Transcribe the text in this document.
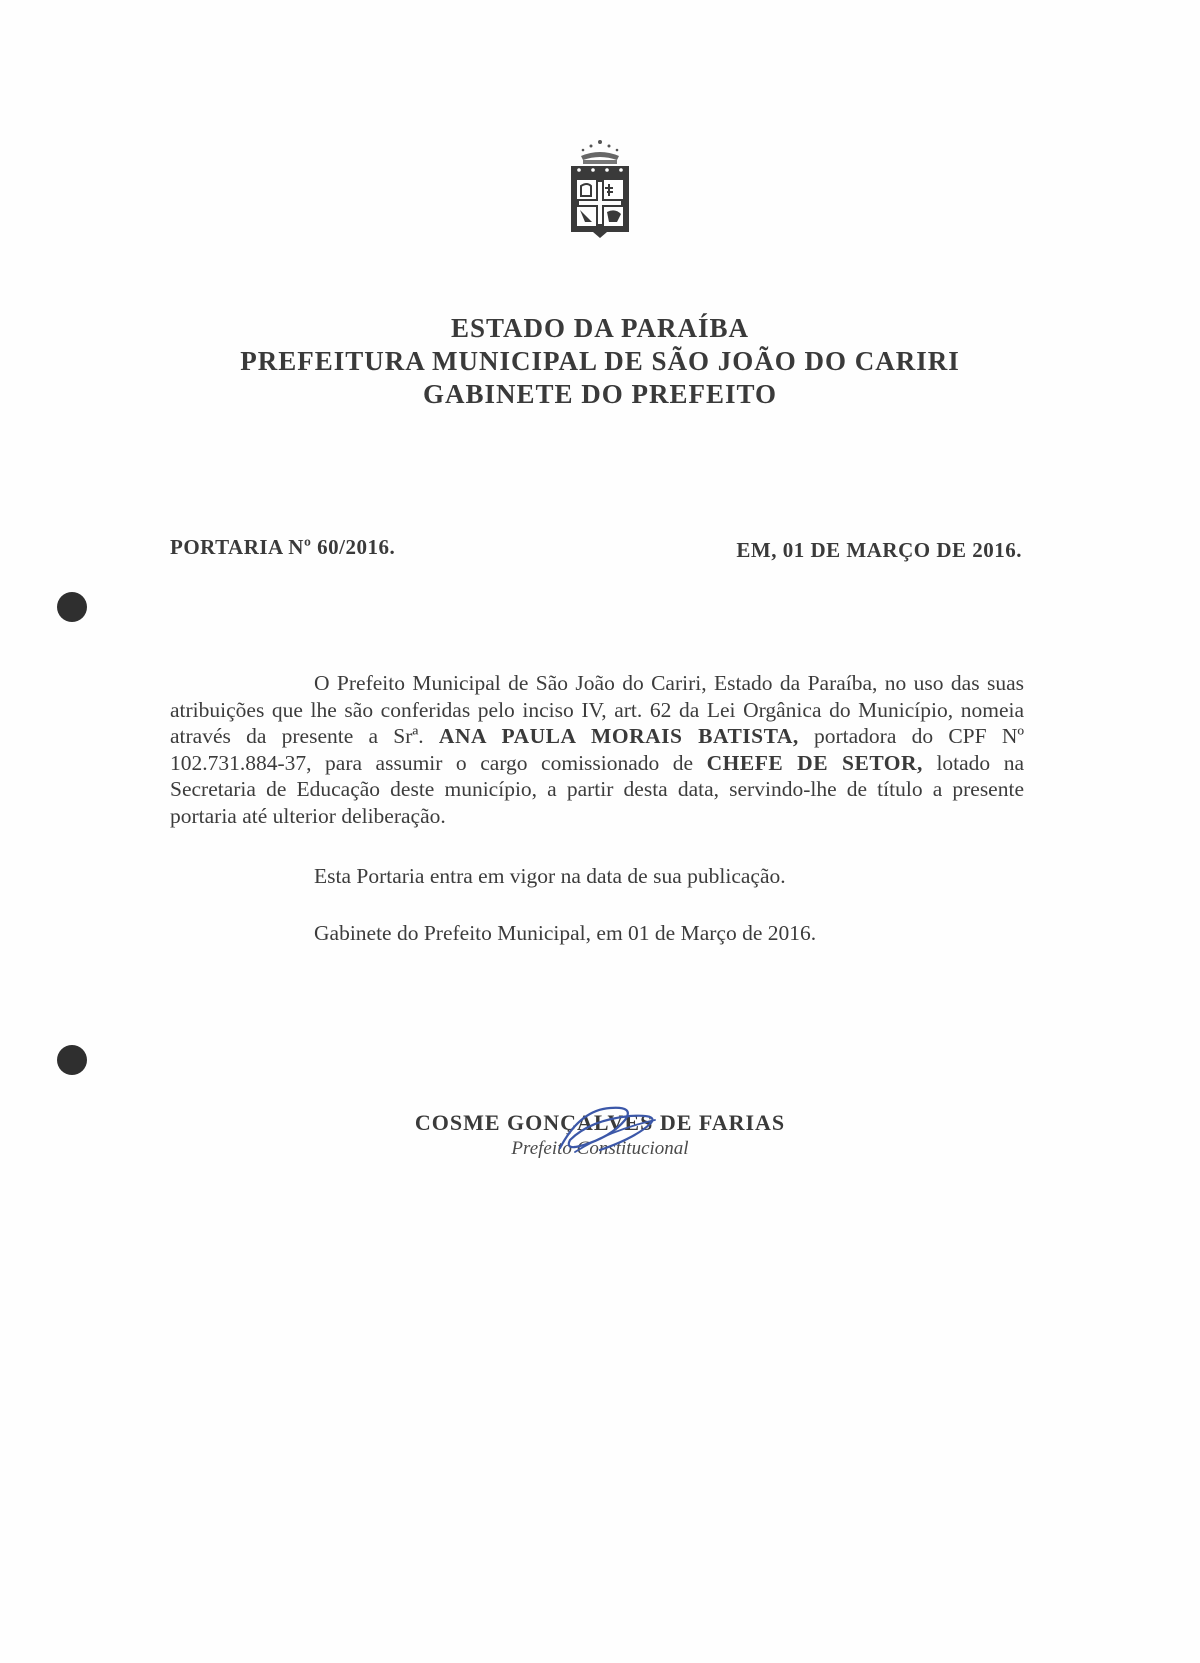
ESTADO DA PARAÍBA
PREFEITURA MUNICIPAL DE SÃO JOÃO DO CARIRI
GABINETE DO PREFEITO
PORTARIA Nº 60/2016.	EM, 01 DE MARÇO DE 2016.

O Prefeito Municipal de São João do Cariri, Estado da Paraíba, no uso das suas atribuições que lhe são conferidas pelo inciso IV, art. 62 da Lei Orgânica do Município, nomeia através da presente a Srª. ANA PAULA MORAIS BATISTA, portadora do CPF Nº 102.731.884-37, para assumir o cargo comissionado de CHEFE DE SETOR, lotado na Secretaria de Educação deste município, a partir desta data, servindo-lhe de título a presente portaria até ulterior deliberação.

Esta Portaria entra em vigor na data de sua publicação.
Gabinete do Prefeito Municipal, em 01 de Março de 2016.
COSME GONÇALVES DE FARIAS
Prefeito Constitucional
